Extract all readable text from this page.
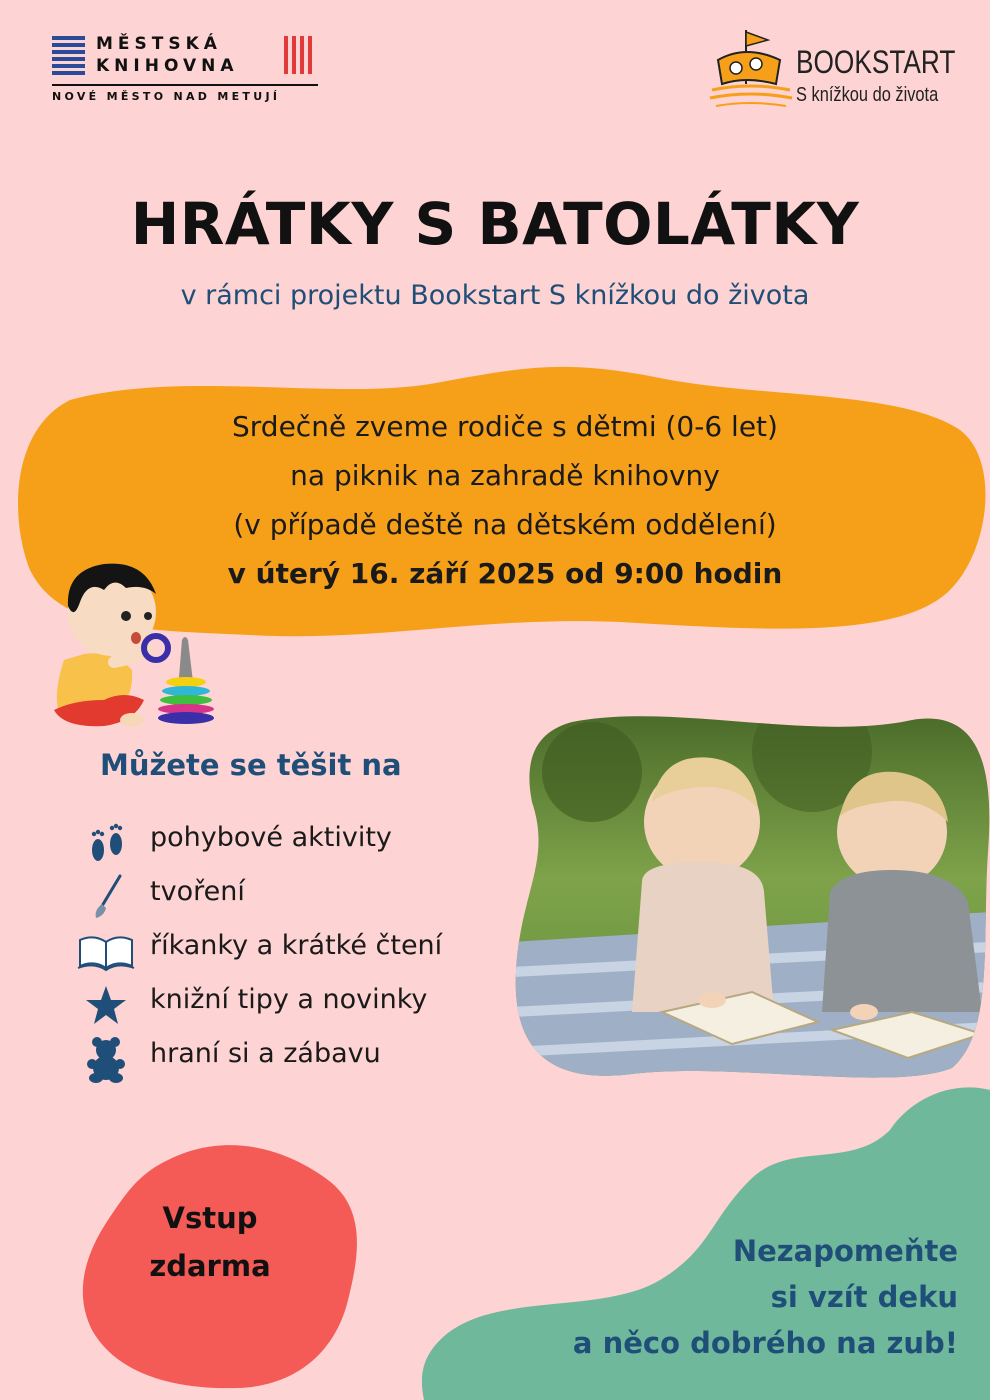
MĚSTSKÁ
KNIHOVNA
NOVÉ MĚSTO NAD METUJÍ
BOOKSTART
S knížkou do života
HRÁTKY S BATOLÁTKY
v rámci projektu Bookstart S knížkou do života
Srdečně zveme rodiče s dětmi (0-6 let)
na piknik na zahradě knihovny
(v případě deště na dětském oddělení)
v úterý 16. září 2025 od 9:00 hodin
Můžete se těšit na
pohybové aktivity
tvoření
říkanky a krátké čtení
knižní tipy a novinky
hraní si a zábavu
Nezapomeňte
si vzít deku
a něco dobrého na zub!
Vstup
zdarma
